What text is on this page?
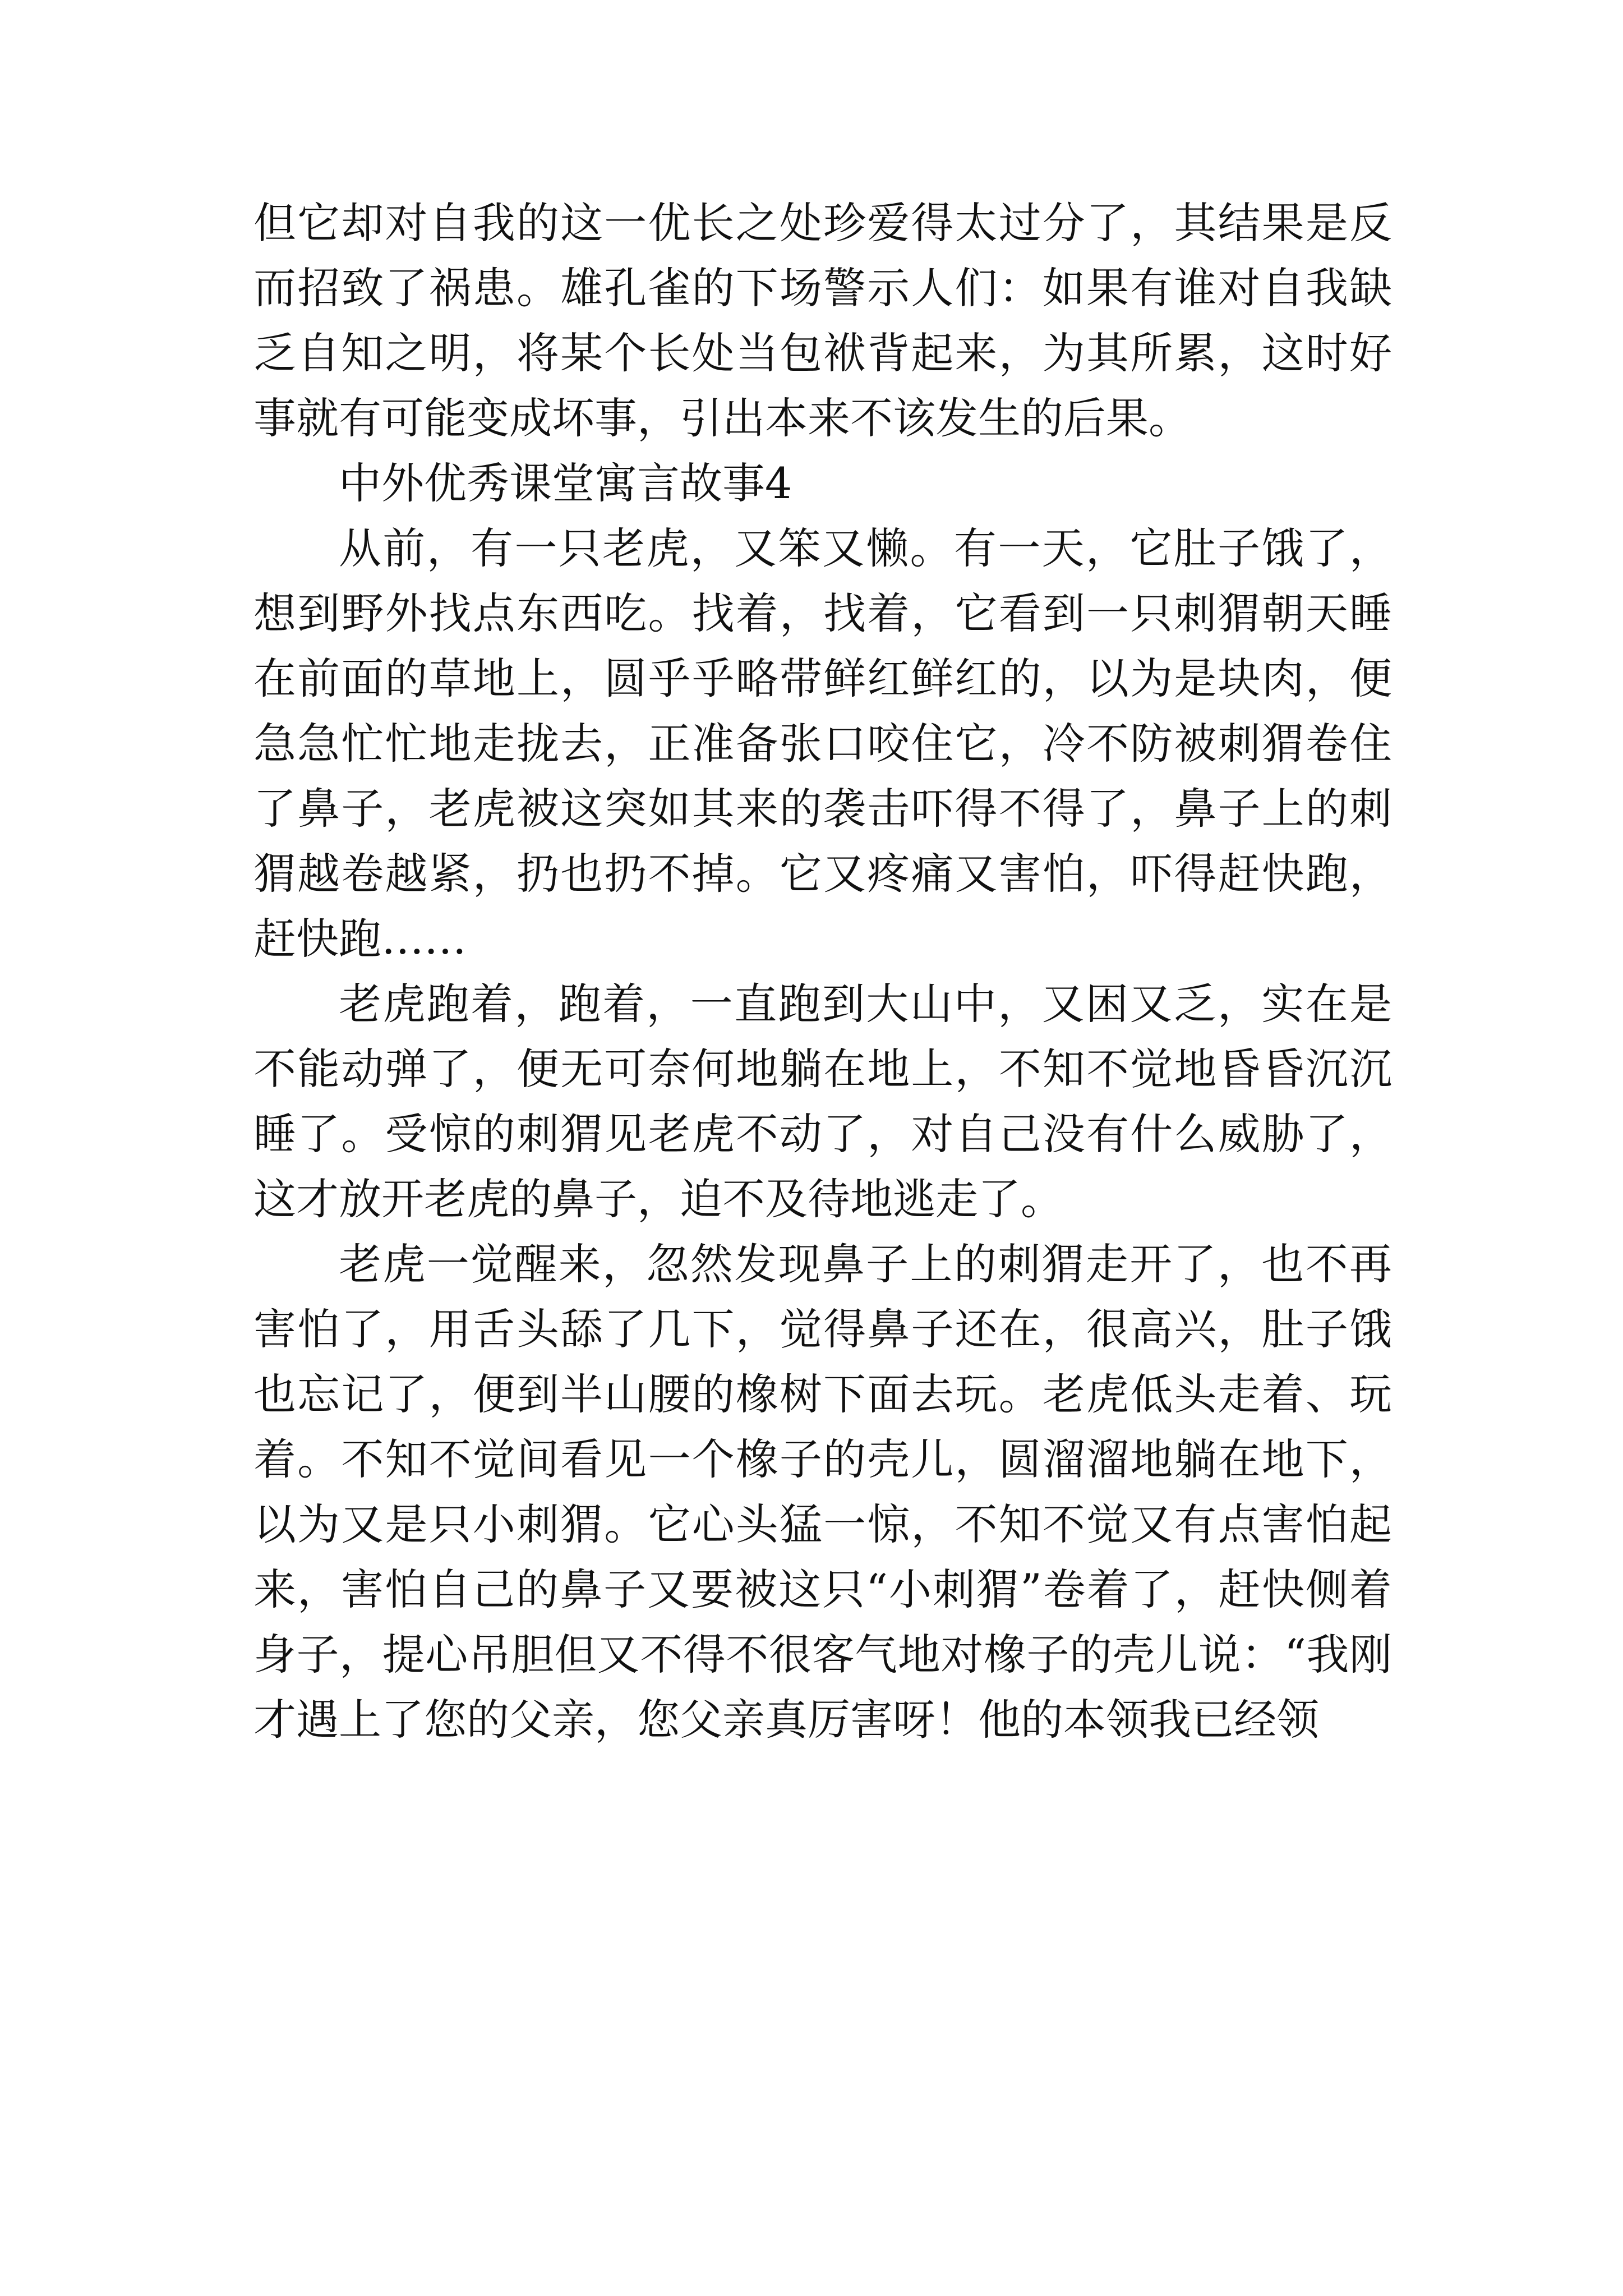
但它却对自我的这一优长之处珍爱得太过分了，其结果是反而招致了祸患。雄孔雀的下场警示人们：如果有谁对自我缺乏自知之明，将某个长处当包袱背起来，为其所累，这时好事就有可能变成坏事，引出本来不该发生的后果。

中外优秀课堂寓言故事4

从前，有一只老虎，又笨又懒。有一天，它肚子饿了，想到野外找点东西吃。找着，找着，它看到一只刺猬朝天睡在前面的草地上，圆乎乎略带鲜红鲜红的，以为是块肉，便急急忙忙地走拢去，正准备张口咬住它，冷不防被刺猬卷住了鼻子，老虎被这突如其来的袭击吓得不得了，鼻子上的刺猬越卷越紧，扔也扔不掉。它又疼痛又害怕，吓得赶快跑，赶快跑……

老虎跑着，跑着，一直跑到大山中，又困又乏，实在是不能动弹了，便无可奈何地躺在地上，不知不觉地昏昏沉沉睡了。受惊的刺猬见老虎不动了，对自己没有什么威胁了，这才放开老虎的鼻子，迫不及待地逃走了。

老虎一觉醒来，忽然发现鼻子上的刺猬走开了，也不再害怕了，用舌头舔了几下，觉得鼻子还在，很高兴，肚子饿也忘记了，便到半山腰的橡树下面去玩。老虎低头走着、玩着。不知不觉间看见一个橡子的壳儿，圆溜溜地躺在地下，以为又是只小刺猬。它心头猛一惊，不知不觉又有点害怕起来，害怕自己的鼻子又要被这只“小刺猬”卷着了，赶快侧着身子，提心吊胆但又不得不很客气地对橡子的壳儿说：“我刚才遇上了您的父亲，您父亲真厉害呀！他的本领我已经领
